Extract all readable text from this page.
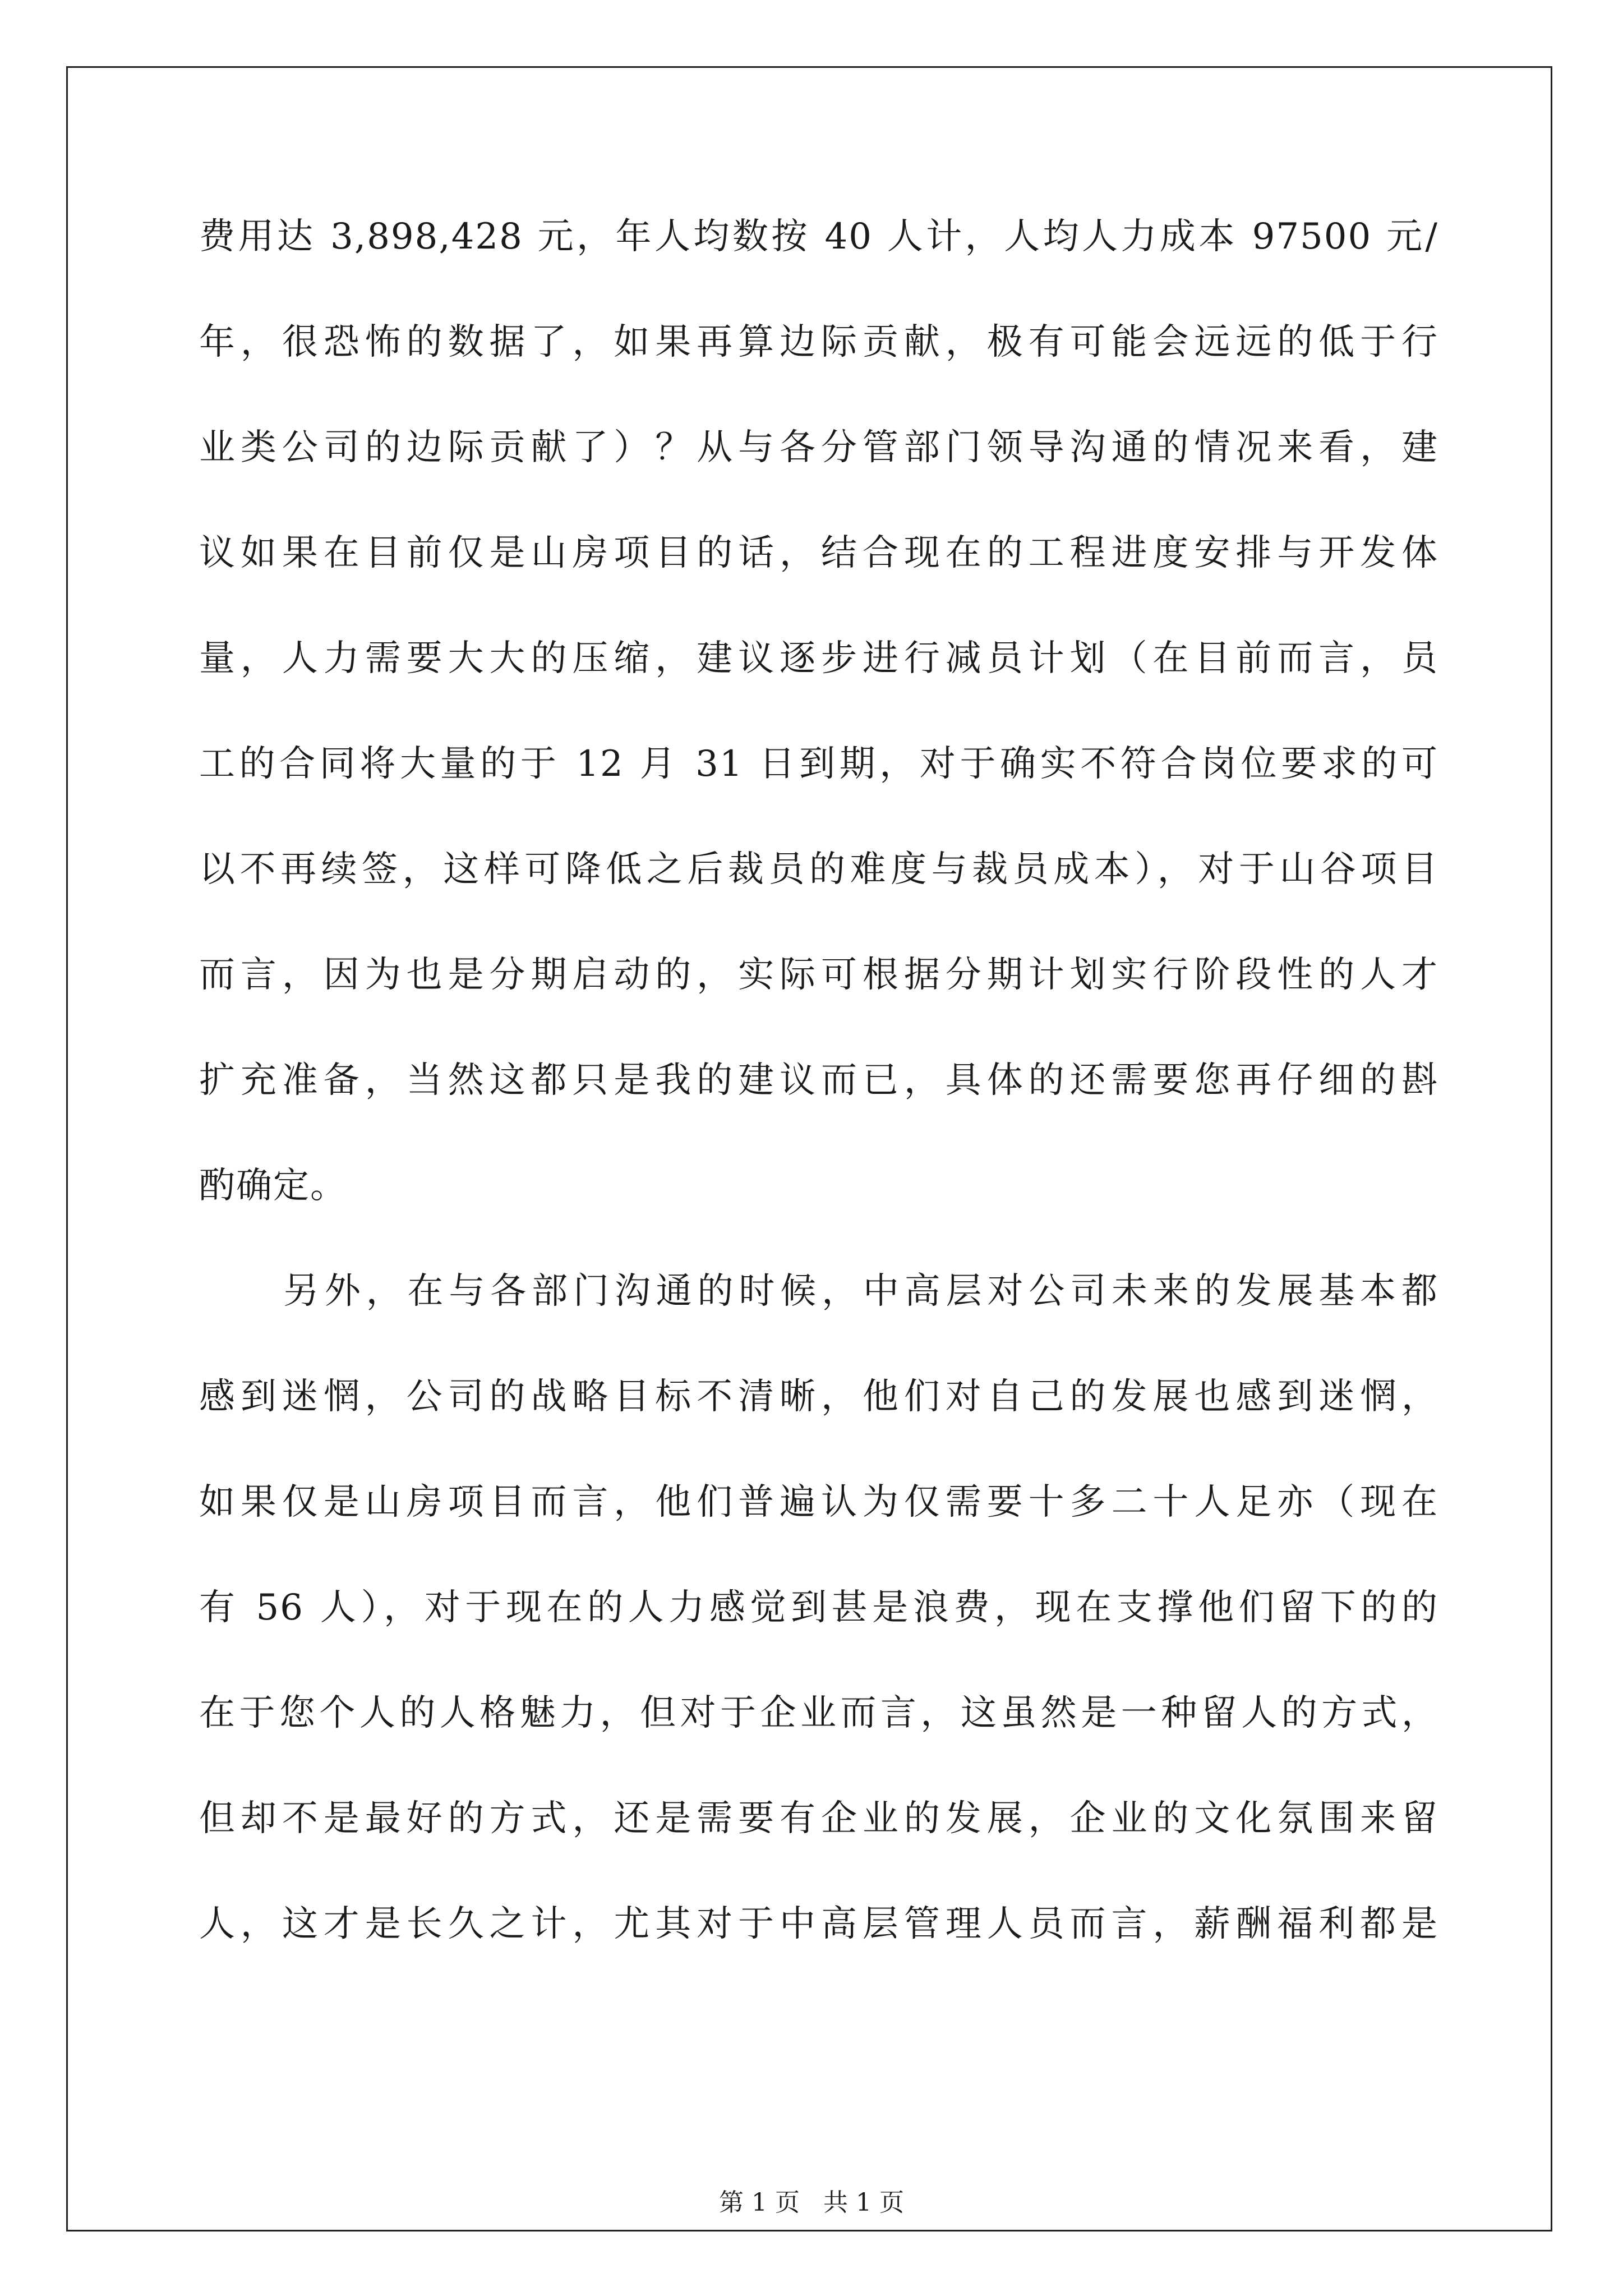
费用达 3,898,428 元，年人均数按 40 人计，人均人力成本 97500 元/
年，很恐怖的数据了，如果再算边际贡献，极有可能会远远的低于行
业类公司的边际贡献了）？从与各分管部门领导沟通的情况来看，建
议如果在目前仅是山房项目的话，结合现在的工程进度安排与开发体
量，人力需要大大的压缩，建议逐步进行减员计划（在目前而言，员
工的合同将大量的于 12 月 31 日到期，对于确实不符合岗位要求的可
以不再续签，这样可降低之后裁员的难度与裁员成本），对于山谷项目
而言，因为也是分期启动的，实际可根据分期计划实行阶段性的人才
扩充准备，当然这都只是我的建议而已，具体的还需要您再仔细的斟
酌确定。
另外，在与各部门沟通的时候，中高层对公司未来的发展基本都
感到迷惘，公司的战略目标不清晰，他们对自己的发展也感到迷惘，
如果仅是山房项目而言，他们普遍认为仅需要十多二十人足亦（现在
有 56 人），对于现在的人力感觉到甚是浪费，现在支撑他们留下的的
在于您个人的人格魅力，但对于企业而言，这虽然是一种留人的方式，
但却不是最好的方式，还是需要有企业的发展，企业的文化氛围来留
人，这才是长久之计，尤其对于中高层管理人员而言，薪酬福利都是
第 1 页 共 1 页
